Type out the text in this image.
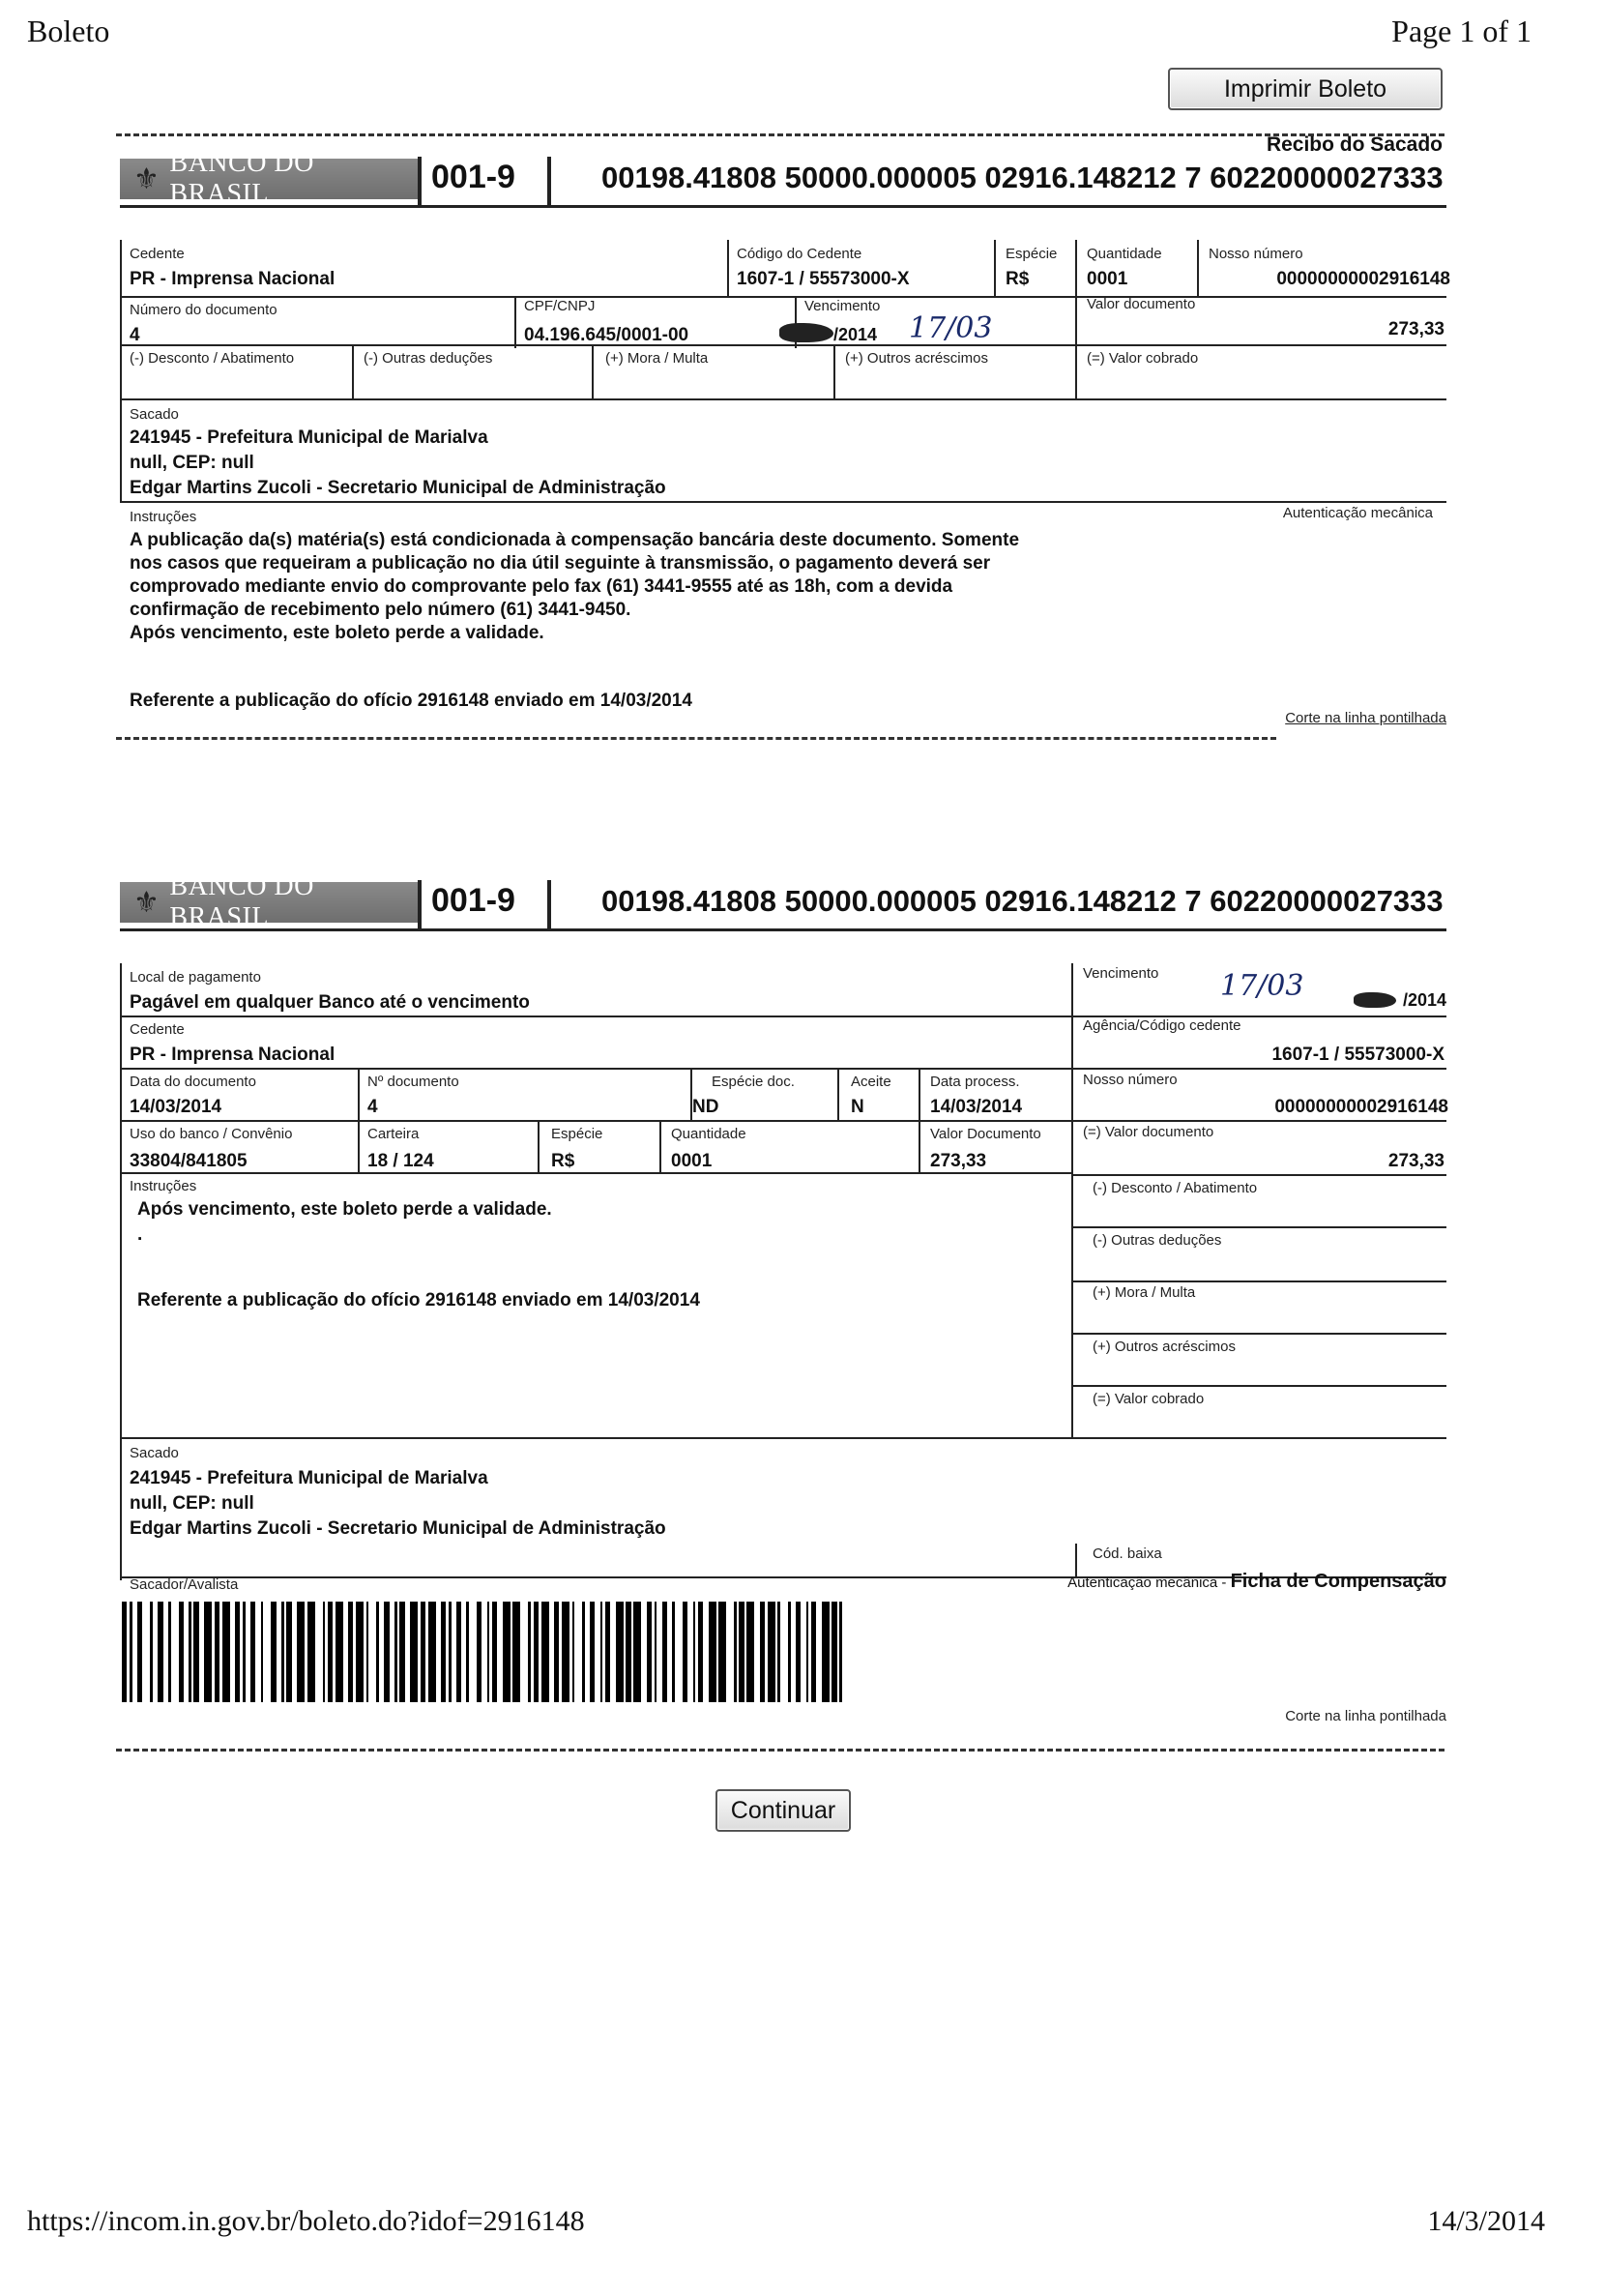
Boleto	Page 1 of 1
Imprimir Boleto
Recibo do Sacado
⚜ BANCO DO BRASIL	001-9	00198.41808 50000.000005 02916.148212 7 60220000027333
Cedente
PR - Imprensa Nacional
Código do Cedente
1607-1 / 55573000-X
Espécie
R$
Quantidade
0001
Nosso número
00000000002916148
Número do documento
4
CPF/CNPJ
04.196.645/0001-00
Vencimento
/2014 17/03
Valor documento
273,33
(-) Desconto / Abatimento	(-) Outras deduções	(+) Mora / Multa	(+) Outros acréscimos	(=) Valor cobrado
Sacado
241945 - Prefeitura Municipal de Marialva
null, CEP: null
Edgar Martins Zucoli - Secretario Municipal de Administração
Instruções	Autenticação mecânica
A publicação da(s) matéria(s) está condicionada à compensação bancária deste documento. Somente
nos casos que requeiram a publicação no dia útil seguinte à transmissão, o pagamento deverá ser
comprovado mediante envio do comprovante pelo fax (61) 3441-9555 até as 18h, com a devida
confirmação de recebimento pelo número (61) 3441-9450.
Após vencimento, este boleto perde a validade.
Referente a publicação do ofício 2916148 enviado em 14/03/2014
Corte na linha pontilhada
⚜ BANCO DO BRASIL	001-9	00198.41808 50000.000005 02916.148212 7 60220000027333
Local de pagamento
Pagável em qualquer Banco até o vencimento
Vencimento 17/03	/2014
Cedente
PR - Imprensa Nacional
Agência/Código cedente
1607-1 / 55573000-X
Data do documento
14/03/2014
Nº documento
4
Espécie doc.
ND
Aceite
N
Data process.
14/03/2014
Nosso número
00000000002916148
Uso do banco / Convênio
33804/841805
Carteira
18 / 124
Espécie
R$
Quantidade
0001
Valor Documento
273,33
(=) Valor documento
273,33
Instruções
Após vencimento, este boleto perde a validade.
.
Referente a publicação do ofício 2916148 enviado em 14/03/2014
(-) Desconto / Abatimento
(-) Outras deduções
(+) Mora / Multa
(+) Outros acréscimos
(=) Valor cobrado
Sacado
241945 - Prefeitura Municipal de Marialva
null, CEP: null
Edgar Martins Zucoli - Secretario Municipal de Administração
Cód. baixa
Sacador/Avalista	Autenticação mecânica - Ficha de Compensação
Corte na linha pontilhada
Continuar
https://incom.in.gov.br/boleto.do?idof=2916148	14/3/2014
